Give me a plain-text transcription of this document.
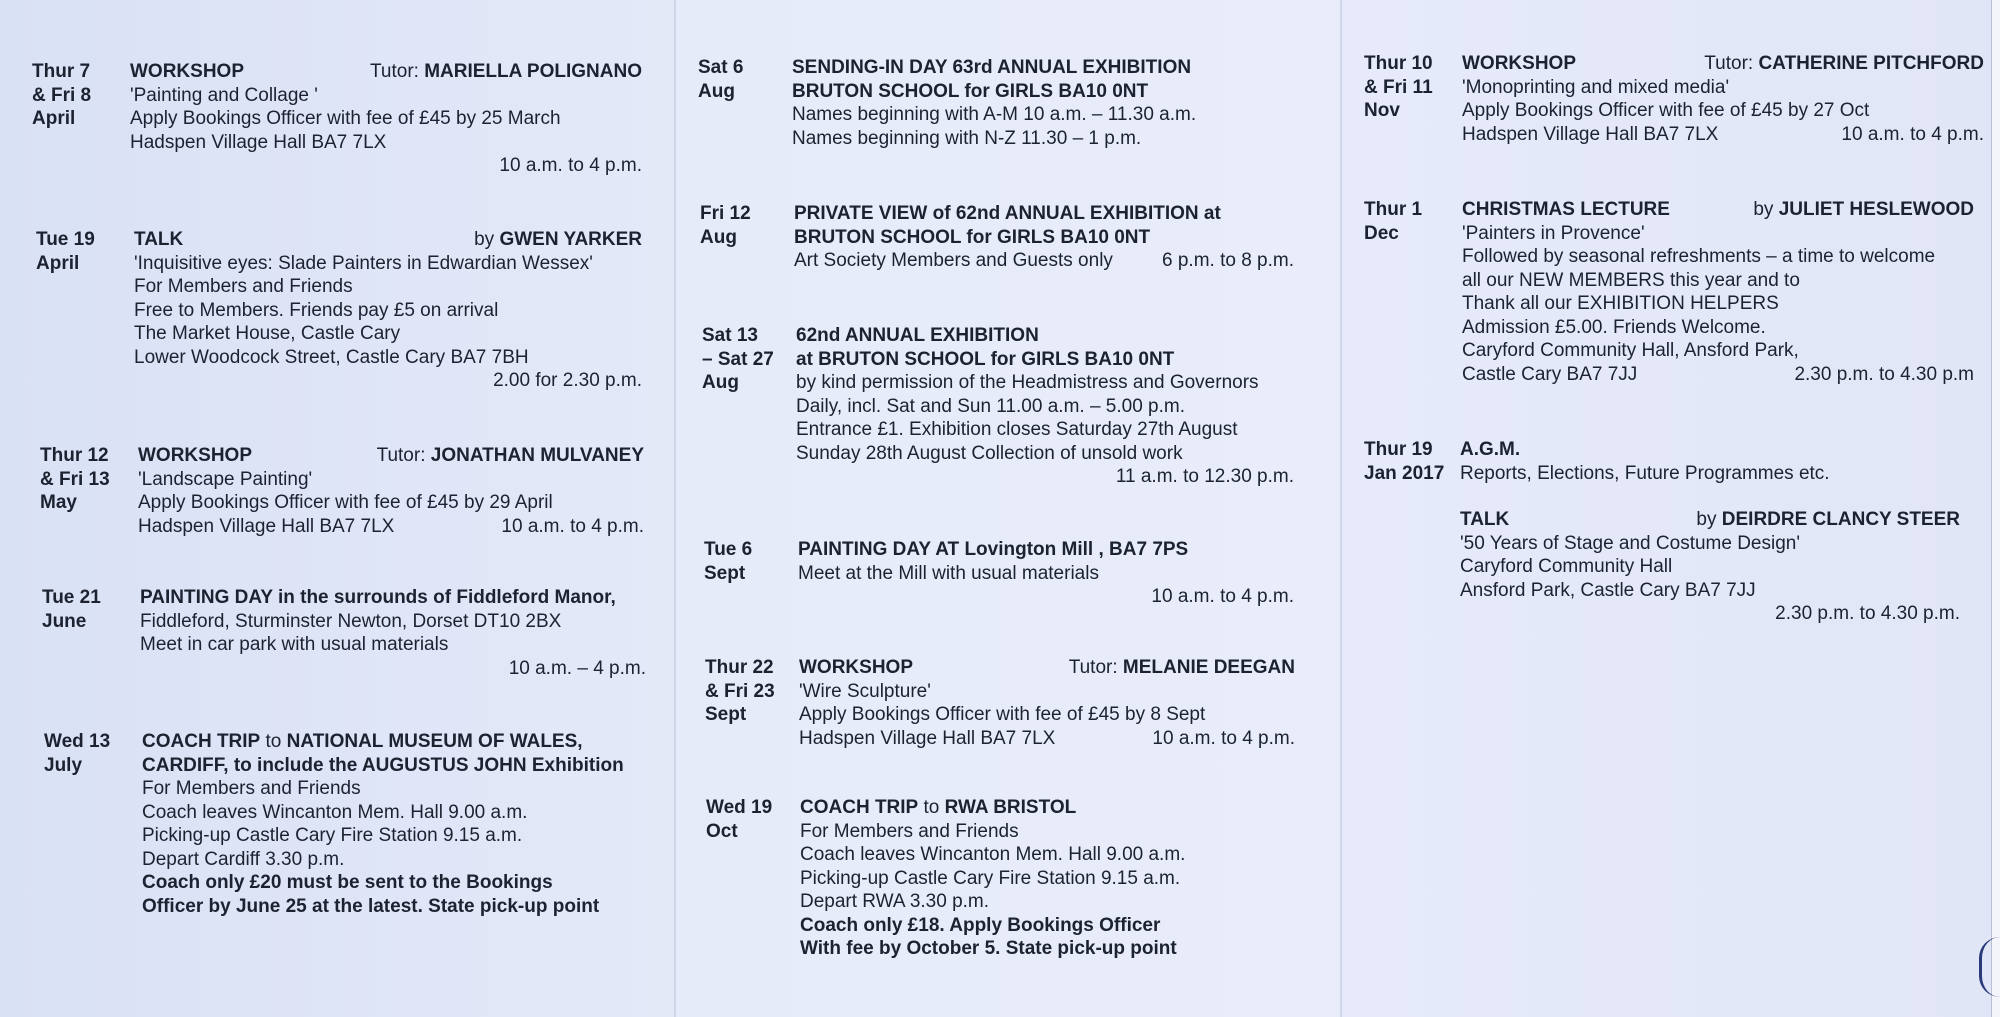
Thur 7
& Fri 8
April
WORKSHOP	Tutor: MARIELLA POLIGNANO
'Painting and Collage '
Apply Bookings Officer with fee of £45 by 25 March
Hadspen Village Hall BA7 7LX
10 a.m. to 4 p.m.
Tue 19
April
TALK	by GWEN YARKER
'Inquisitive eyes: Slade Painters in Edwardian Wessex'
For Members and Friends
Free to Members. Friends pay £5 on arrival
The Market House, Castle Cary
Lower Woodcock Street, Castle Cary BA7 7BH
2.00 for 2.30 p.m.
Thur 12
& Fri 13
May
WORKSHOP	Tutor: JONATHAN MULVANEY
'Landscape Painting'
Apply Bookings Officer with fee of £45 by 29 April
Hadspen Village Hall BA7 7LX	10 a.m. to 4 p.m.
Tue 21
June
PAINTING DAY in the surrounds of Fiddleford Manor,
Fiddleford, Sturminster Newton, Dorset DT10 2BX
Meet in car park with usual materials
10 a.m. – 4 p.m.
Wed 13
July
COACH TRIP to NATIONAL MUSEUM OF WALES,
CARDIFF, to include the AUGUSTUS JOHN Exhibition
For Members and Friends
Coach leaves Wincanton Mem. Hall 9.00 a.m.
Picking-up Castle Cary Fire Station 9.15 a.m.
Depart Cardiff 3.30 p.m.
Coach only £20 must be sent to the Bookings
Officer by June 25 at the latest. State pick-up point
Sat 6
Aug
SENDING-IN DAY 63rd ANNUAL EXHIBITION
BRUTON SCHOOL for GIRLS BA10 0NT
Names beginning with A-M 10 a.m. – 11.30 a.m.
Names beginning with N-Z 11.30 – 1 p.m.
Fri 12
Aug
PRIVATE VIEW of 62nd ANNUAL EXHIBITION at
BRUTON SCHOOL for GIRLS BA10 0NT
Art Society Members and Guests only	6 p.m. to 8 p.m.
Sat 13
– Sat 27
Aug
62nd ANNUAL EXHIBITION
at BRUTON SCHOOL for GIRLS BA10 0NT
by kind permission of the Headmistress and Governors
Daily, incl. Sat and Sun 11.00 a.m. – 5.00 p.m.
Entrance £1. Exhibition closes Saturday 27th August
Sunday 28th August Collection of unsold work
11 a.m. to 12.30 p.m.
Tue 6
Sept
PAINTING DAY AT Lovington Mill , BA7 7PS
Meet at the Mill with usual materials
10 a.m. to 4 p.m.
Thur 22
& Fri 23
Sept
WORKSHOP	Tutor: MELANIE DEEGAN
'Wire Sculpture'
Apply Bookings Officer with fee of £45 by 8 Sept
Hadspen Village Hall BA7 7LX	10 a.m. to 4 p.m.
Wed 19
Oct
COACH TRIP to RWA BRISTOL
For Members and Friends
Coach leaves Wincanton Mem. Hall 9.00 a.m.
Picking-up Castle Cary Fire Station 9.15 a.m.
Depart RWA 3.30 p.m.
Coach only £18. Apply Bookings Officer
With fee by October 5. State pick-up point
Thur 10
& Fri 11
Nov
WORKSHOP	Tutor: CATHERINE PITCHFORD
'Monoprinting and mixed media'
Apply Bookings Officer with fee of £45 by 27 Oct
Hadspen Village Hall BA7 7LX	10 a.m. to 4 p.m.
Thur 1
Dec
CHRISTMAS LECTURE	by JULIET HESLEWOOD
'Painters in Provence'
Followed by seasonal refreshments – a time to welcome
all our NEW MEMBERS this year and to
Thank all our EXHIBITION HELPERS
Admission £5.00. Friends Welcome.
Caryford Community Hall, Ansford Park,
Castle Cary BA7 7JJ	2.30 p.m. to 4.30 p.m
Thur 19
Jan 2017
A.G.M.
Reports, Elections, Future Programmes etc.
TALK	by DEIRDRE CLANCY STEER
'50 Years of Stage and Costume Design'
Caryford Community Hall
Ansford Park, Castle Cary BA7 7JJ
2.30 p.m. to 4.30 p.m.
